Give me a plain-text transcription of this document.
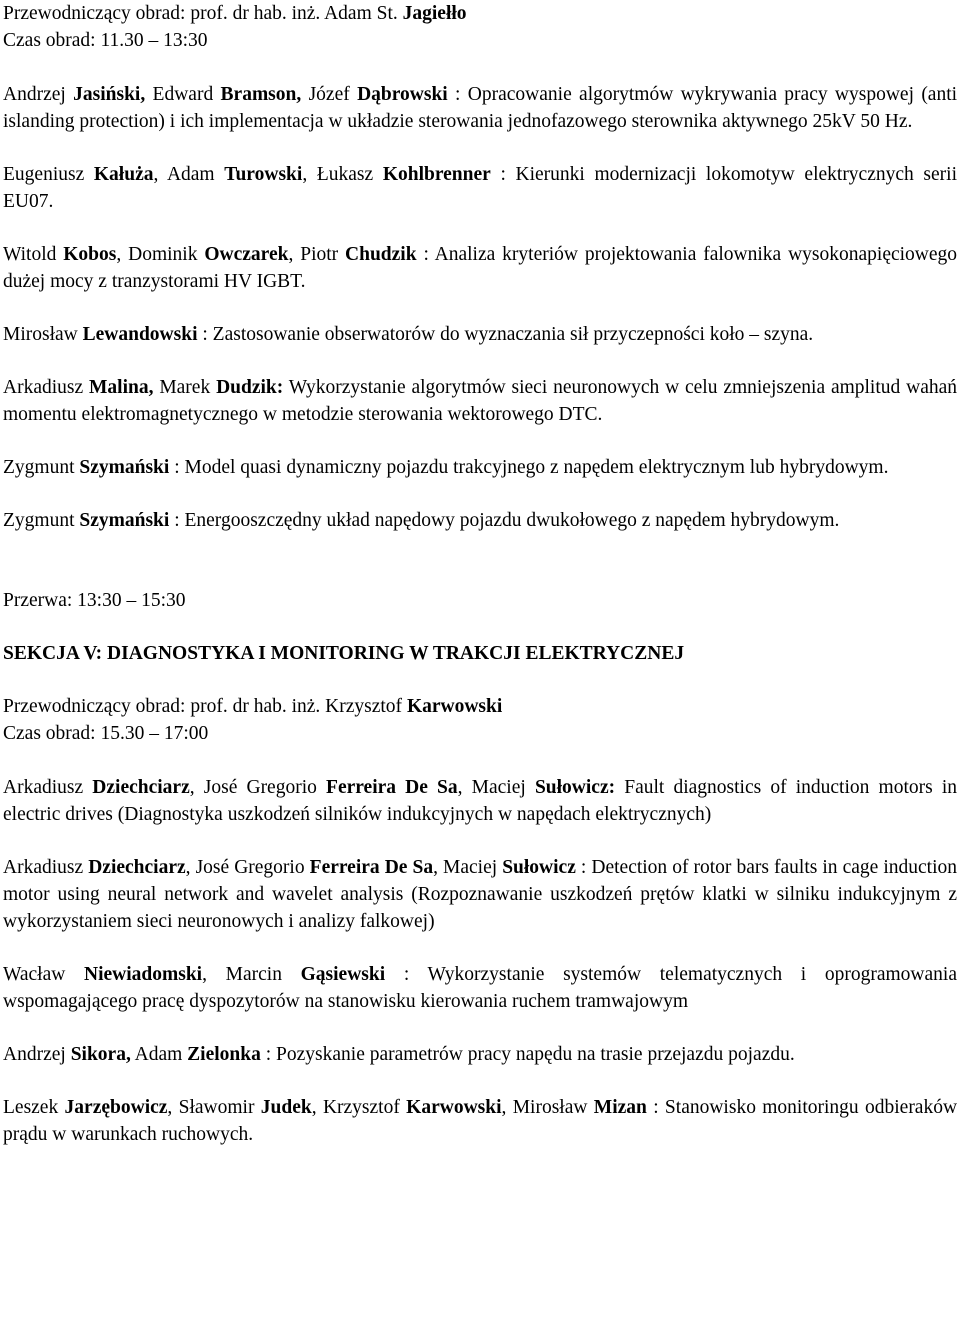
Przewodniczący obrad: prof. dr hab. inż. Adam St. Jagiełło
Czas obrad: 11.30 – 13:30

Andrzej Jasiński, Edward Bramson, Józef Dąbrowski : Opracowanie algorytmów wykrywania pracy wyspowej (anti islanding protection) i ich implementacja w układzie sterowania jednofazowego sterownika aktywnego 25kV 50 Hz.

Eugeniusz Kałuża, Adam Turowski, Łukasz Kohlbrenner : Kierunki modernizacji lokomotyw elektrycznych serii EU07.

Witold Kobos, Dominik Owczarek, Piotr Chudzik : Analiza kryteriów projektowania falownika wysokonapięciowego dużej mocy z tranzystorami HV IGBT.

Mirosław Lewandowski : Zastosowanie obserwatorów do wyznaczania sił przyczepności koło – szyna.

Arkadiusz Malina, Marek Dudzik: Wykorzystanie algorytmów sieci neuronowych w celu zmniejszenia amplitud wahań momentu elektromagnetycznego w metodzie sterowania wektorowego DTC.

Zygmunt Szymański : Model quasi dynamiczny pojazdu trakcyjnego z napędem elektrycznym lub hybrydowym.

Zygmunt Szymański : Energooszczędny układ napędowy pojazdu dwukołowego z napędem hybrydowym.

Przerwa: 13:30 – 15:30
SEKCJA V: DIAGNOSTYKA I MONITORING W TRAKCJI ELEKTRYCZNEJ
Przewodniczący obrad: prof. dr hab. inż. Krzysztof Karwowski
Czas obrad: 15.30 – 17:00

Arkadiusz Dziechciarz, José Gregorio Ferreira De Sa, Maciej Sułowicz: Fault diagnostics of induction motors in electric drives (Diagnostyka uszkodzeń silników indukcyjnych w napędach elektrycznych)

Arkadiusz Dziechciarz, José Gregorio Ferreira De Sa, Maciej Sułowicz : Detection of rotor bars faults in cage induction motor using neural network and wavelet analysis (Rozpoznawanie uszkodzeń prętów klatki w silniku indukcyjnym z wykorzystaniem sieci neuronowych i analizy falkowej)

Wacław Niewiadomski, Marcin Gąsiewski : Wykorzystanie systemów telematycznych i oprogramowania wspomagającego pracę dyspozytorów na stanowisku kierowania ruchem tramwajowym

Andrzej Sikora, Adam Zielonka : Pozyskanie parametrów pracy napędu na trasie przejazdu pojazdu.

Leszek Jarzębowicz, Sławomir Judek, Krzysztof Karwowski, Mirosław Mizan : Stanowisko monitoringu odbieraków prądu w warunkach ruchowych.
